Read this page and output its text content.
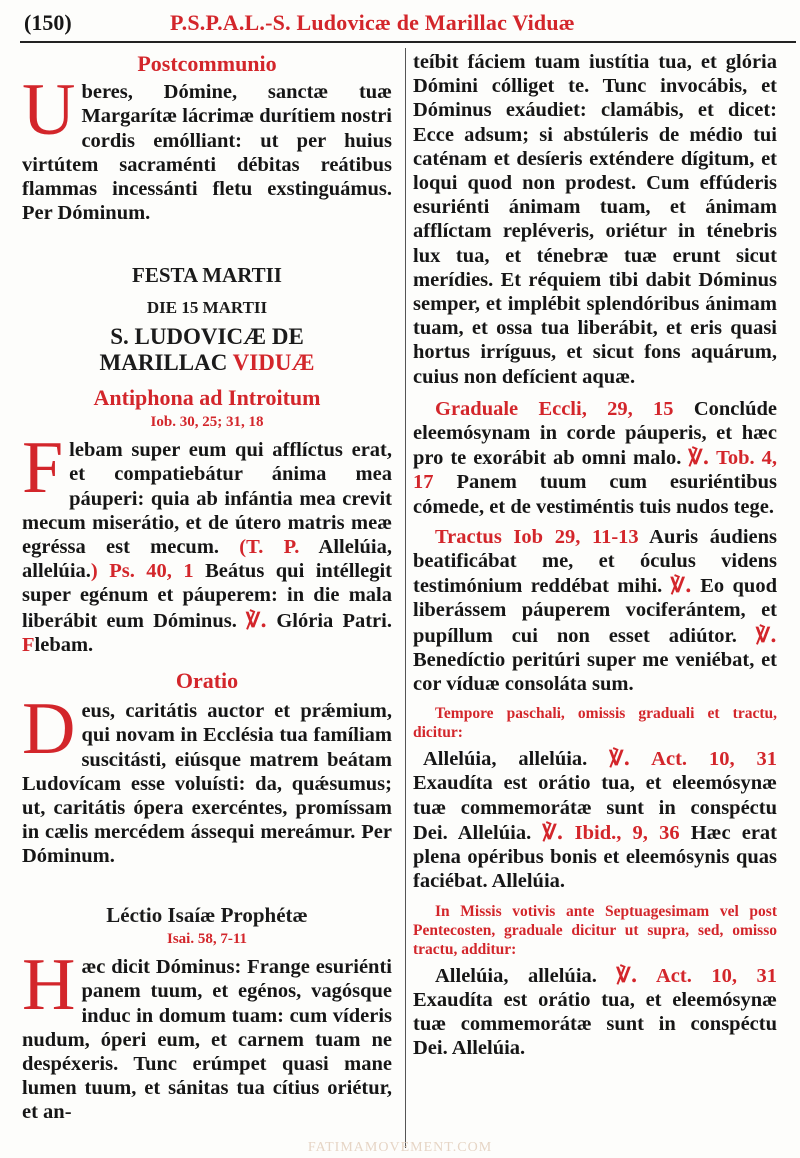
(150)	P.S.P.A.L.-S. Ludovicæ de Marillac Viduæ
Postcommunio

Uberes, Dómine, sanctæ tuæ Margarítæ lácrimæ durítiem nostri cordis emólliant: ut per huius virtútem sacraménti débitas reátibus flammas incessánti fletu exstinguámus. Per Dóminum.

FESTA MARTII
DIE 15 MARTII
S. LUDOVICÆ DE
MARILLAC VIDUÆ
Antiphona ad Introitum
Iob. 30, 25; 31, 18

Flebam super eum qui afflíctus erat, et compatiebátur ánima mea páuperi: quia ab infántia mea crevit mecum miserátio, et de útero matris meæ egréssa est mecum. (T. P. Allelúia, allelúia.) Ps. 40, 1 Beátus qui intéllegit super egénum et páuperem: in die mala liberábit eum Dóminus. ℣. Glória Patri. Flebam.

Oratio

Deus, caritátis auctor et prǽmium, qui novam in Ecclésia tua famíliam suscitásti, eiúsque matrem beátam Ludovícam esse voluísti: da, quǽsumus; ut, caritátis ópera exercéntes, promíssam in cælis mercédem ássequi mereámur. Per Dóminum.

Léctio Isaíæ Prophétæ
Isai. 58, 7-11

Hæc dicit Dóminus: Frange esuriénti panem tuum, et egénos, vagósque induc in domum tuam: cum víderis nudum, óperi eum, et carnem tuam ne despéxeris. Tunc erúmpet quasi mane lumen tuum, et sánitas tua cítius oriétur, et an-

teíbit fáciem tuam iustítia tua, et glória Dómini cólliget te. Tunc invocábis, et Dóminus exáudiet: clamábis, et dicet: Ecce adsum; si abstúleris de médio tui caténam et desíeris exténdere dígitum, et loqui quod non prodest. Cum effúderis esuriénti ánimam tuam, et ánimam afflíctam repléveris, oriétur in ténebris lux tua, et ténebræ tuæ erunt sicut merídies. Et réquiem tibi dabit Dóminus semper, et implébit splendóribus ánimam tuam, et ossa tua liberábit, et eris quasi hortus irríguus, et sicut fons aquárum, cuius non defícient aquæ.

Graduale Eccli, 29, 15 Conclúde eleemósynam in corde páuperis, et hæc pro te exorábit ab omni malo. ℣. Tob. 4, 17 Panem tuum cum esuriéntibus cómede, et de vestiméntis tuis nudos tege.

Tractus Iob 29, 11-13 Auris áudiens beatificábat me, et óculus videns testimónium reddébat mihi. ℣. Eo quod liberássem páuperem vociferántem, et pupíllum cui non esset adiútor. ℣. Benedíctio peritúri super me veniébat, et cor víduæ consoláta sum.

Tempore paschali, omissis graduali et tractu, dicitur:

Allelúia, allelúia. ℣. Act. 10, 31 Exaudíta est orátio tua, et eleemósynæ tuæ commemorátæ sunt in conspéctu Dei. Allelúia. ℣. Ibid., 9, 36 Hæc erat plena opéribus bonis et eleemósynis quas faciébat. Allelúia.

In Missis votivis ante Septuagesimam vel post Pentecosten, graduale dicitur ut supra, sed, omisso tractu, additur:

Allelúia, allelúia. ℣. Act. 10, 31 Exaudíta est orátio tua, et eleemósynæ tuæ commemorátæ sunt in conspéctu Dei. Allelúia.

FATIMAMOVEMENT.COM
